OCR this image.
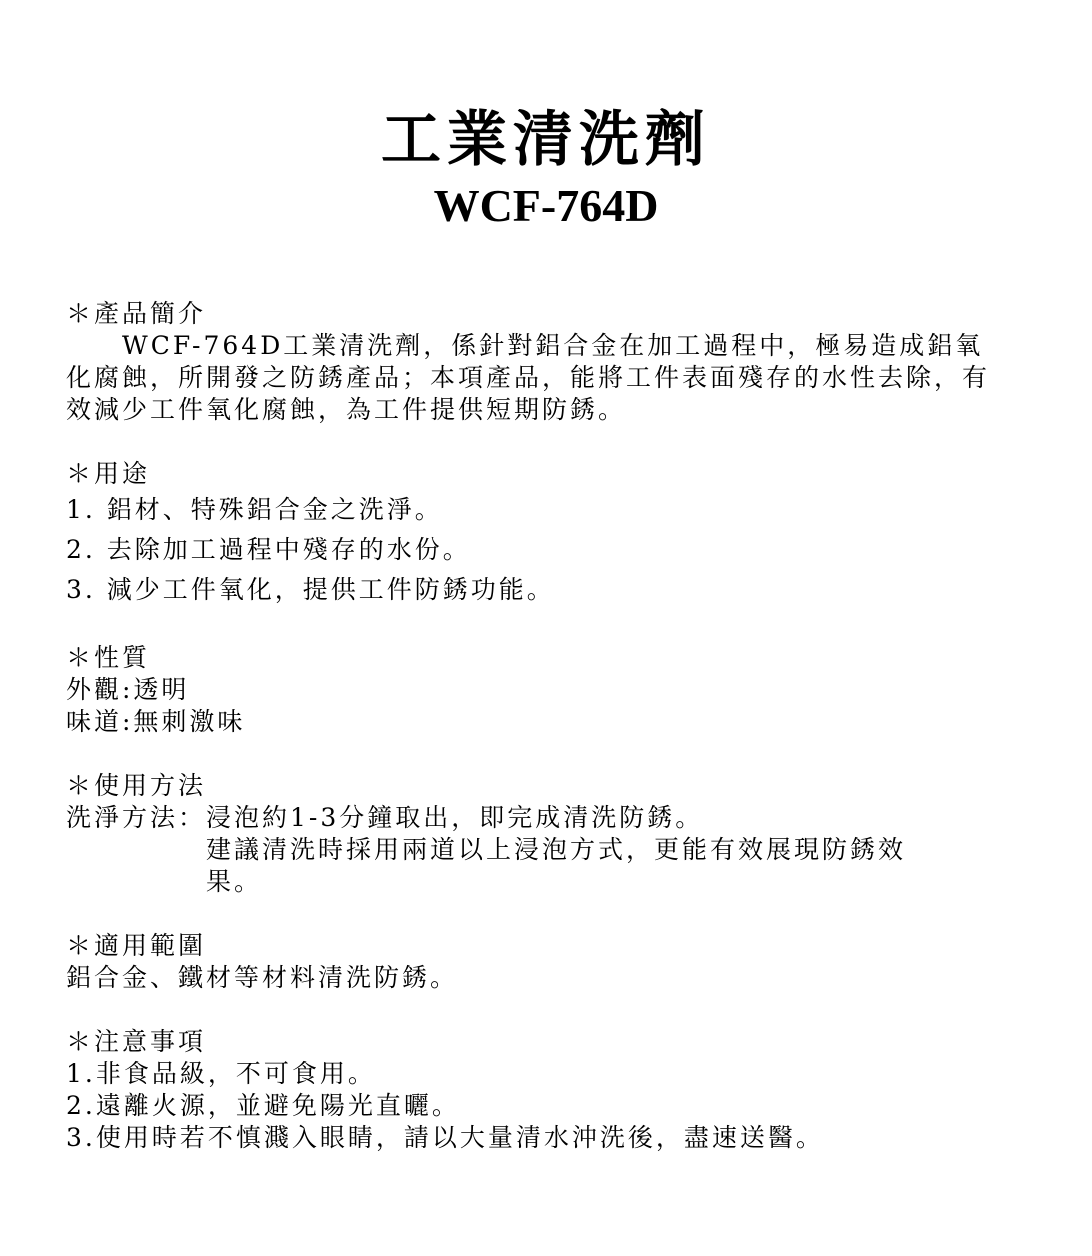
工業清洗劑
WCF-764D
＊產品簡介
WCF-764D工業清洗劑，係針對鋁合金在加工過程中，極易造成鋁氧化腐蝕，所開發之防銹產品；本項產品，能將工件表面殘存的水性去除，有效減少工件氧化腐蝕，為工件提供短期防銹。
＊用途
1. 鋁材、特殊鋁合金之洗淨。
2. 去除加工過程中殘存的水份。
3. 減少工件氧化，提供工件防銹功能。
＊性質
外觀:透明
味道:無刺激味
＊使用方法
洗淨方法： 浸泡約1-3分鐘取出，即完成清洗防銹。
建議清洗時採用兩道以上浸泡方式，更能有效展現防銹效
果。
＊適用範圍
鋁合金、鐵材等材料清洗防銹。
＊注意事項
1.非食品級，不可食用。
2.遠離火源，並避免陽光直曬。
3.使用時若不慎濺入眼睛，請以大量清水沖洗後，盡速送醫。
